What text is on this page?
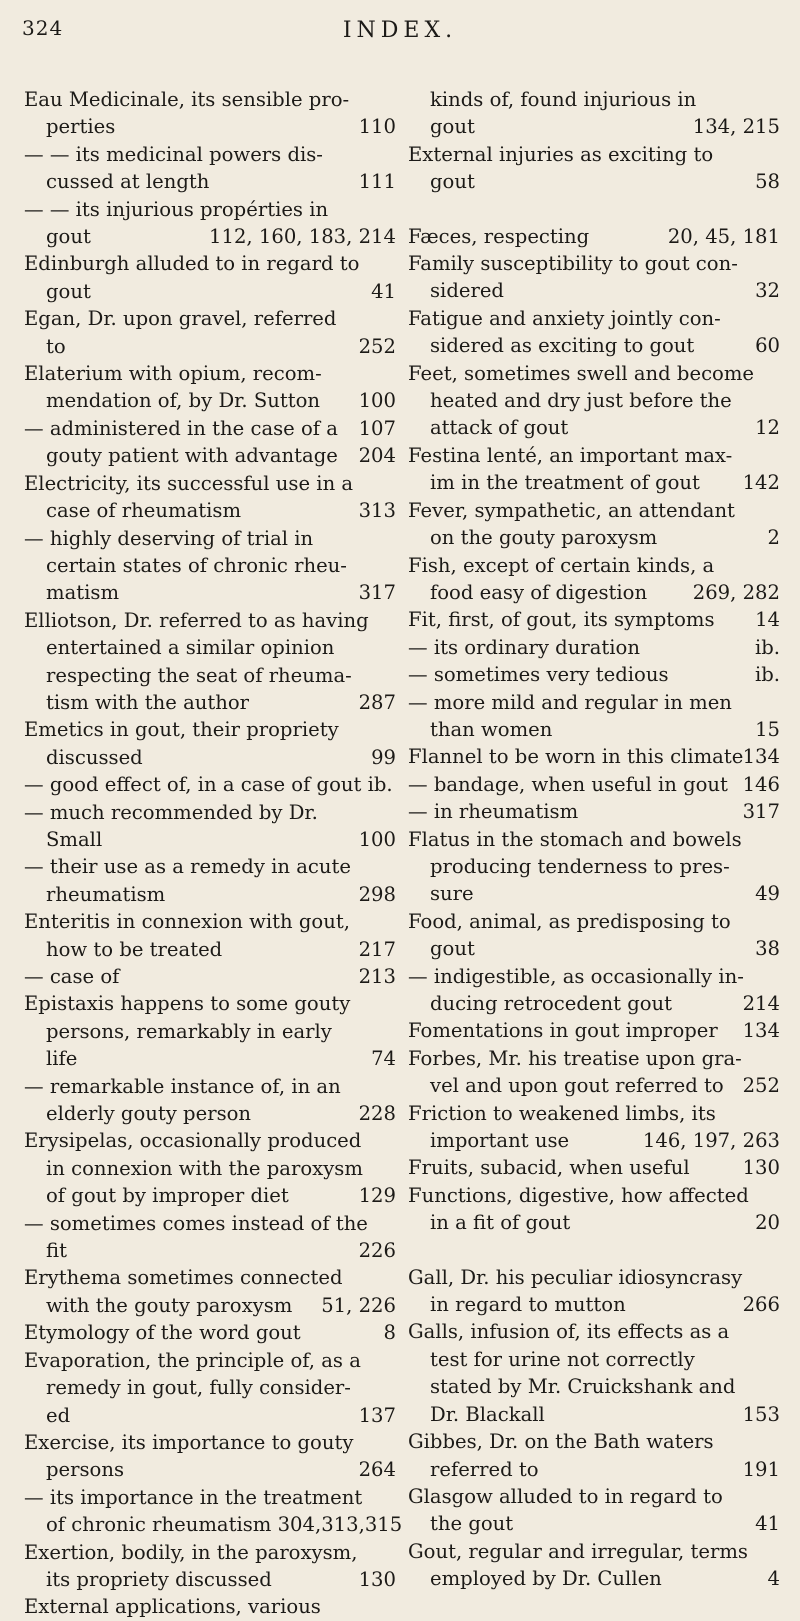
324	INDEX.
Eau Medicinale, its sensible pro-
110
perties
— — its medicinal powers dis-
111
cussed at length
— — its injurious propérties in
112, 160, 183, 214
gout
Edinburgh alluded to in regard to
41
gout
Egan, Dr. upon gravel, referred
252
to
Elaterium with opium, recom-
100
mendation of, by Dr. Sutton
107
— administered in the case of a
204
gouty patient with advantage
Electricity, its successful use in a
313
case of rheumatism
— highly deserving of trial in
certain states of chronic rheu-
317
matism
Elliotson, Dr. referred to as having
entertained a similar opinion
respecting the seat of rheuma-
287
tism with the author
Emetics in gout, their propriety
99
discussed
— good effect of, in a case of gout ib.
— much recommended by Dr.
100
Small
— their use as a remedy in acute
298
rheumatism
Enteritis in connexion with gout,
217
how to be treated
213
— case of
Epistaxis happens to some gouty
persons, remarkably in early
74
life
— remarkable instance of, in an
228
elderly gouty person
Erysipelas, occasionally produced
in connexion with the paroxysm
129
of gout by improper diet
— sometimes comes instead of the
226
fit
Erythema sometimes connected
51, 226
with the gouty paroxysm
8
Etymology of the word gout
Evaporation, the principle of, as a
remedy in gout, fully consider-
137
ed
Exercise, its importance to gouty
264
persons
— its importance in the treatment
of chronic rheumatism 304,313,315
Exertion, bodily, in the paroxysm,
130
its propriety discussed
External applications, various
kinds of, found injurious in
134, 215
gout
External injuries as exciting to
58
gout
20, 45, 181
Fæces, respecting
Family susceptibility to gout con-
32
sidered
Fatigue and anxiety jointly con-
60
sidered as exciting to gout
Feet, sometimes swell and become
heated and dry just before the
12
attack of gout
Festina lenté, an important max-
142
im in the treatment of gout
Fever, sympathetic, an attendant
2
on the gouty paroxysm
Fish, except of certain kinds, a
269, 282
food easy of digestion
14
Fit, first, of gout, its symptoms
ib.
— its ordinary duration
ib.
— sometimes very tedious
— more mild and regular in men
15
than women
134
Flannel to be worn in this climate
146
— bandage, when useful in gout
317
— in rheumatism
Flatus in the stomach and bowels
producing tenderness to pres-
49
sure
Food, animal, as predisposing to
38
gout
— indigestible, as occasionally in-
214
ducing retrocedent gout
134
Fomentations in gout improper
Forbes, Mr. his treatise upon gra-
252
vel and upon gout referred to
Friction to weakened limbs, its
146, 197, 263
important use
130
Fruits, subacid, when useful
Functions, digestive, how affected
20
in a fit of gout
Gall, Dr. his peculiar idiosyncrasy
266
in regard to mutton
Galls, infusion of, its effects as a
test for urine not correctly
stated by Mr. Cruickshank and
153
Dr. Blackall
Gibbes, Dr. on the Bath waters
191
referred to
Glasgow alluded to in regard to
41
the gout
Gout, regular and irregular, terms
4
employed by Dr. Cullen
